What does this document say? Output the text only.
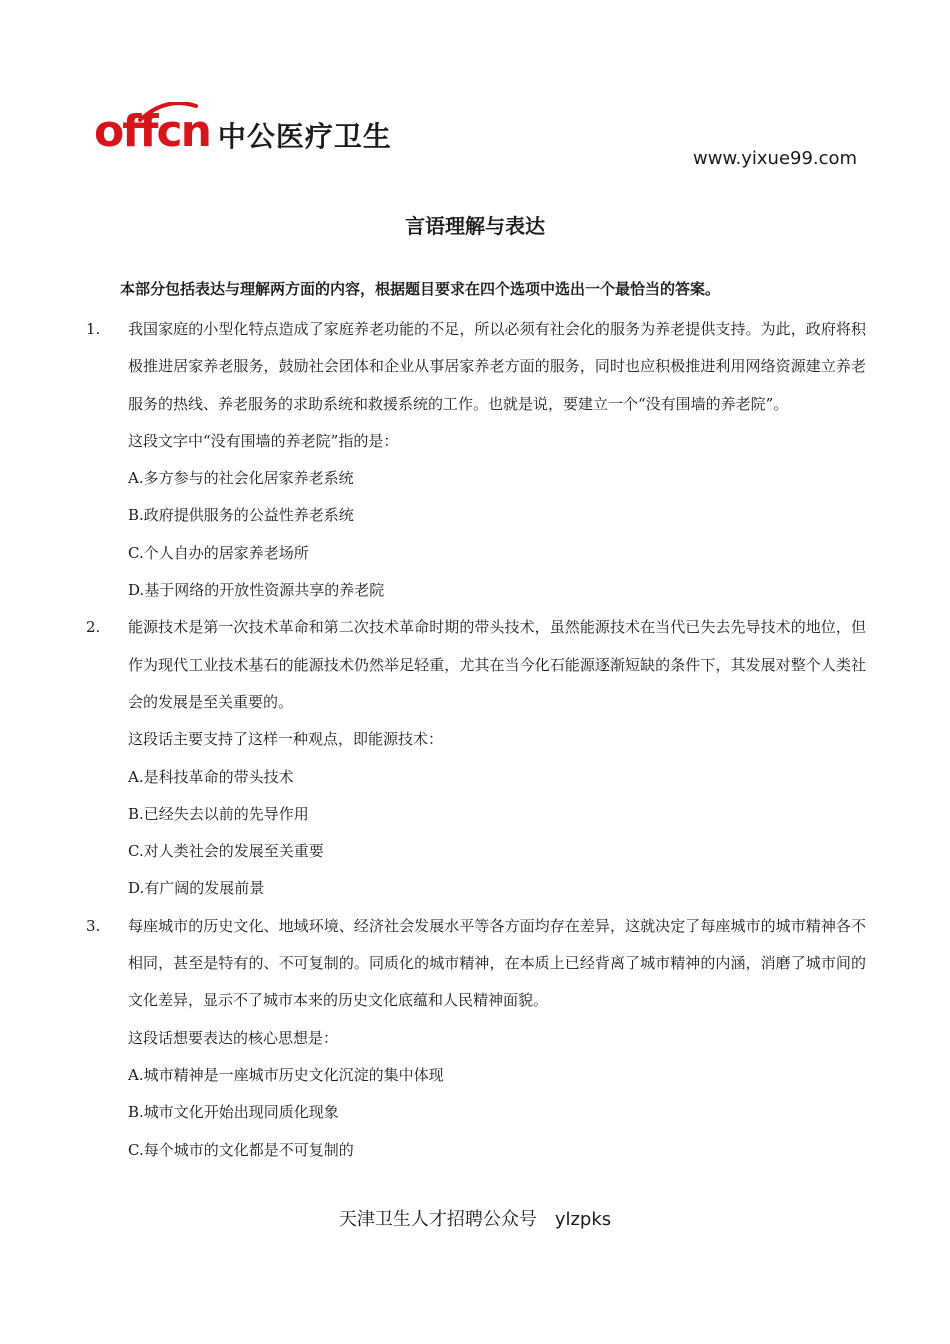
offcn 中公医疗卫生
www.yixue99.com
言语理解与表达
本部分包括表达与理解两方面的内容，根据题目要求在四个选项中选出一个最恰当的答案。
1. 我国家庭的小型化特点造成了家庭养老功能的不足，所以必须有社会化的服务为养老提供支持。为此，政府将积极推进居家养老服务，鼓励社会团体和企业从事居家养老方面的服务，同时也应积极推进利用网络资源建立养老服务的热线、养老服务的求助系统和救援系统的工作。也就是说，要建立一个“没有围墙的养老院”。
这段文字中“没有围墙的养老院”指的是：
A.多方参与的社会化居家养老系统
B.政府提供服务的公益性养老系统
C.个人自办的居家养老场所
D.基于网络的开放性资源共享的养老院
2. 能源技术是第一次技术革命和第二次技术革命时期的带头技术，虽然能源技术在当代已失去先导技术的地位，但作为现代工业技术基石的能源技术仍然举足轻重，尤其在当今化石能源逐渐短缺的条件下，其发展对整个人类社会的发展是至关重要的。
这段话主要支持了这样一种观点，即能源技术：
A.是科技革命的带头技术
B.已经失去以前的先导作用
C.对人类社会的发展至关重要
D.有广阔的发展前景
3. 每座城市的历史文化、地域环境、经济社会发展水平等各方面均存在差异，这就决定了每座城市的城市精神各不相同，甚至是特有的、不可复制的。同质化的城市精神，在本质上已经背离了城市精神的内涵，消磨了城市间的文化差异，显示不了城市本来的历史文化底蕴和人民精神面貌。
这段话想要表达的核心思想是：
A.城市精神是一座城市历史文化沉淀的集中体现
B.城市文化开始出现同质化现象
C.每个城市的文化都是不可复制的
天津卫生人才招聘公众号　ylzpks
